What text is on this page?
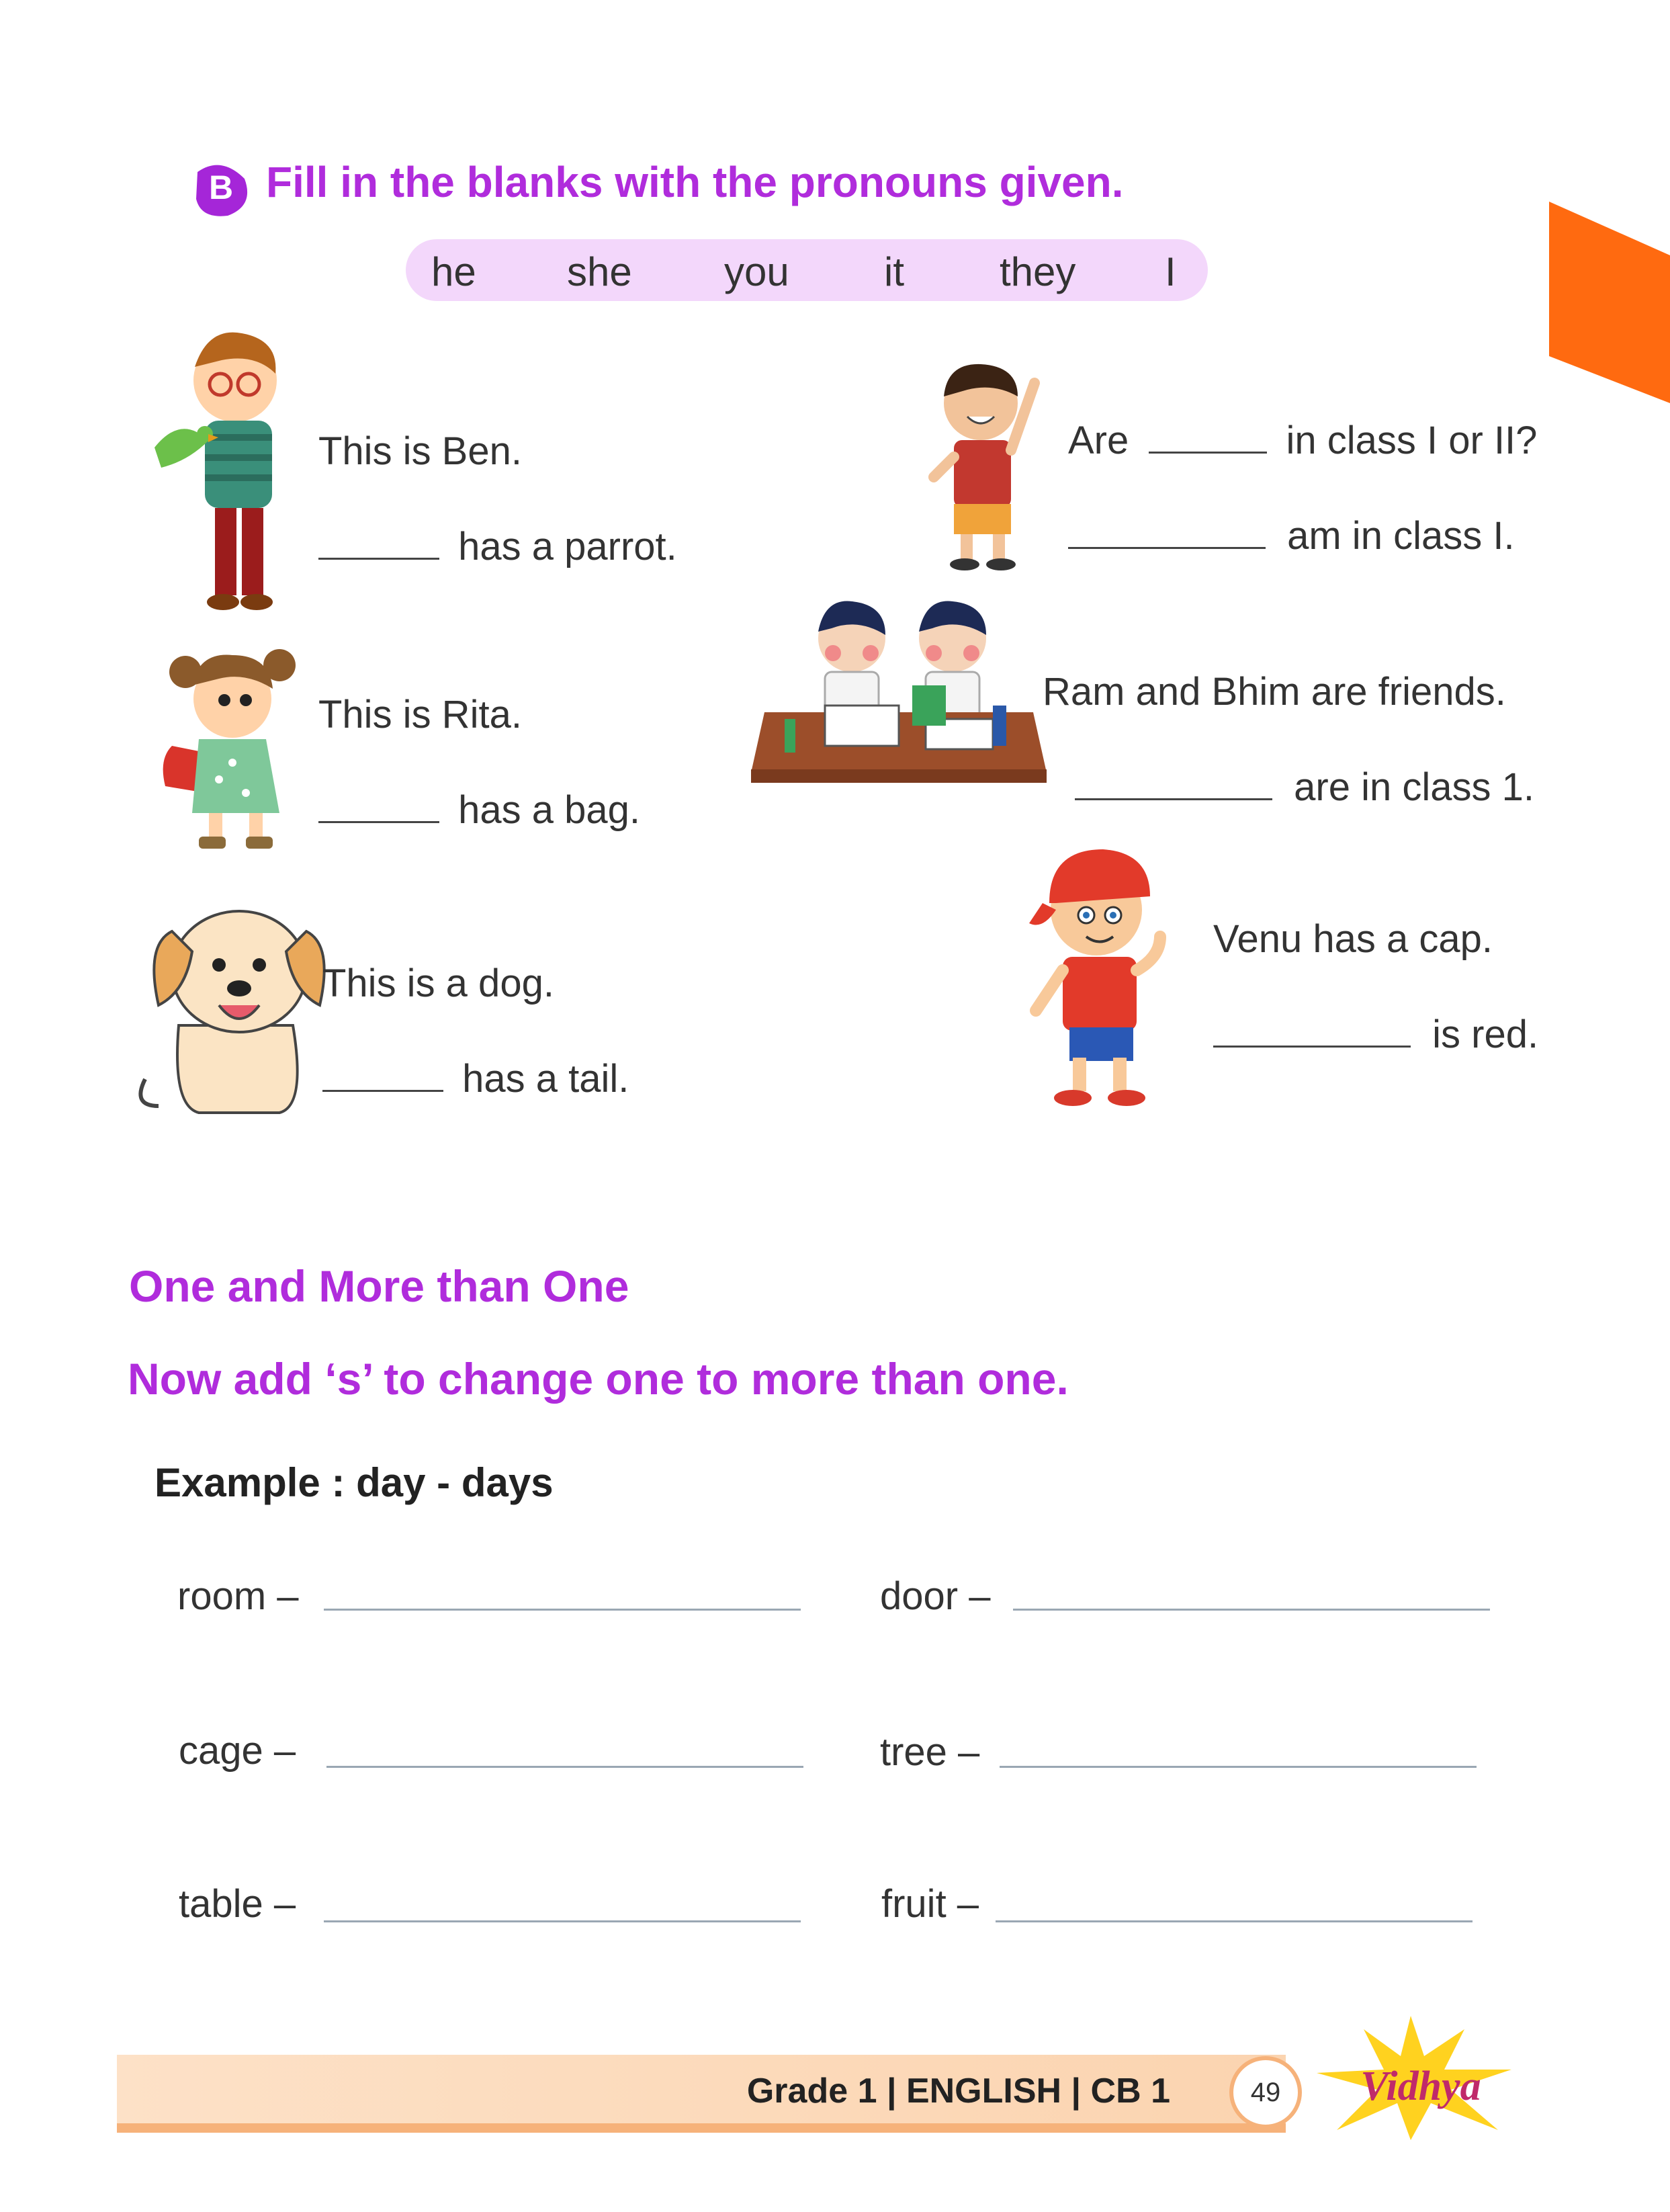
B Fill in the blanks with the pronouns given.
he she you it they I
This is Ben.
has a parrot.
This is Rita.
has a bag.
This is a dog.
has a tail.
Are	in class I or II?
am in class I.
Ram and Bhim are friends.
are in class 1.
Venu has a cap.
is red.
One and More than One
Now add ‘s’ to change one to more than one.
Example : day - days
room –	door –
cage –	tree –
table –	fruit –
Grade 1 | ENGLISH | CB 1	49	Vidhya
